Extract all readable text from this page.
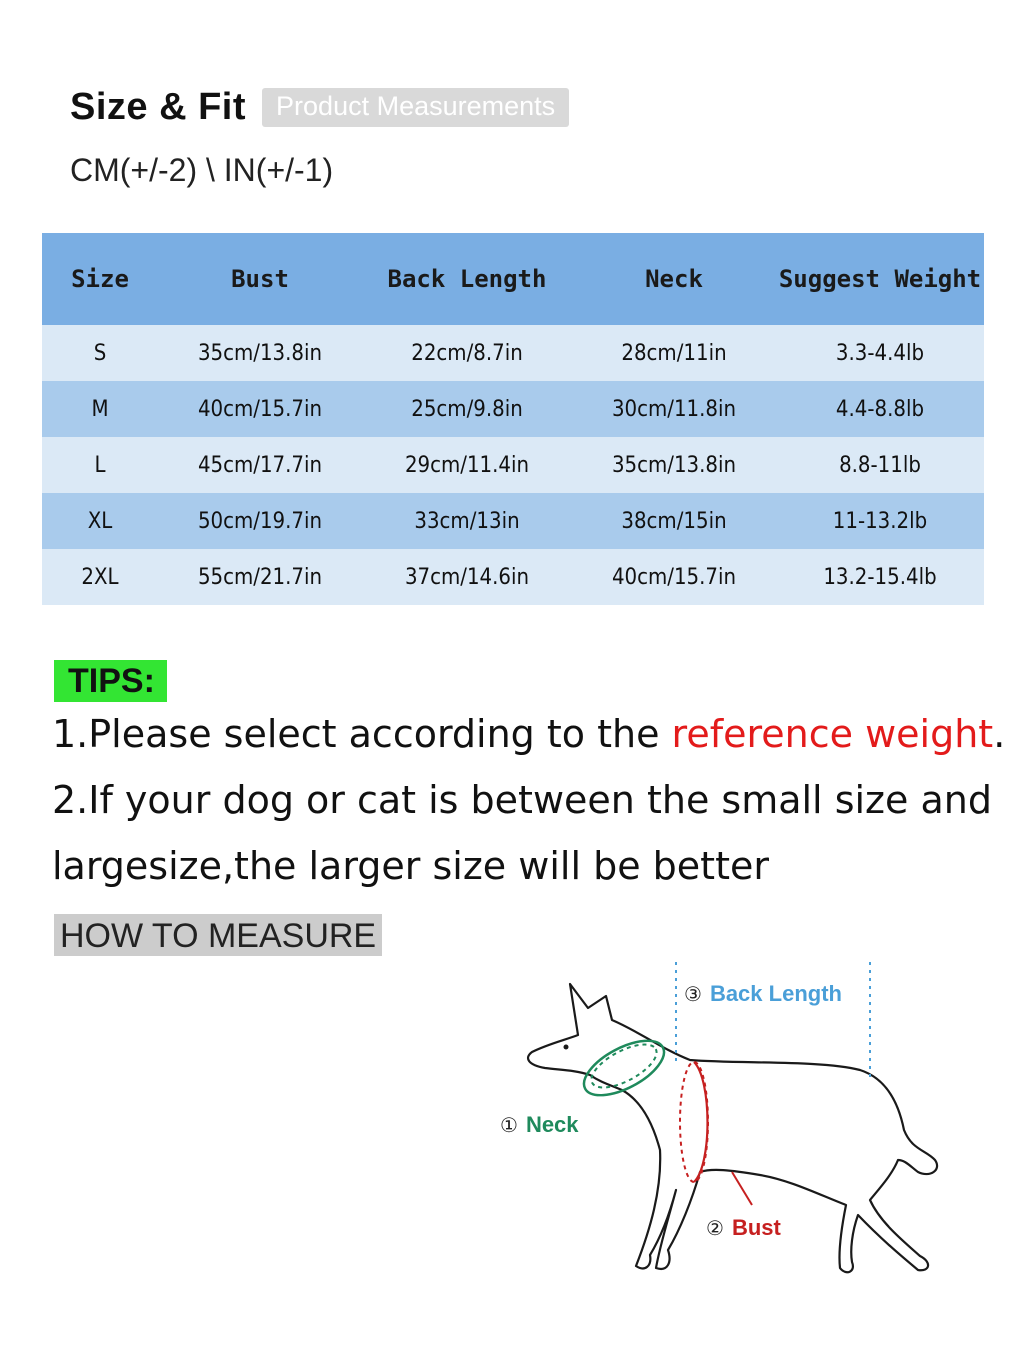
Size & Fit	Product Measurements
CM(+/-2) \ IN(+/-1)
Size	Bust	Back Length	Neck	Suggest Weight
S	35cm/13.8in	22cm/8.7in	28cm/11in	3.3-4.4lb
M	40cm/15.7in	25cm/9.8in	30cm/11.8in	4.4-8.8lb
L	45cm/17.7in	29cm/11.4in	35cm/13.8in	8.8-11lb
XL	50cm/19.7in	33cm/13in	38cm/15in	11-13.2lb
2XL	55cm/21.7in	37cm/14.6in	40cm/15.7in	13.2-15.4lb
TIPS:
1.Please select according to the reference weight.
2.If your dog or cat is between the small size and
largesize,the larger size will be better
HOW TO MEASURE
③ Back Length
① Neck
② Bust
